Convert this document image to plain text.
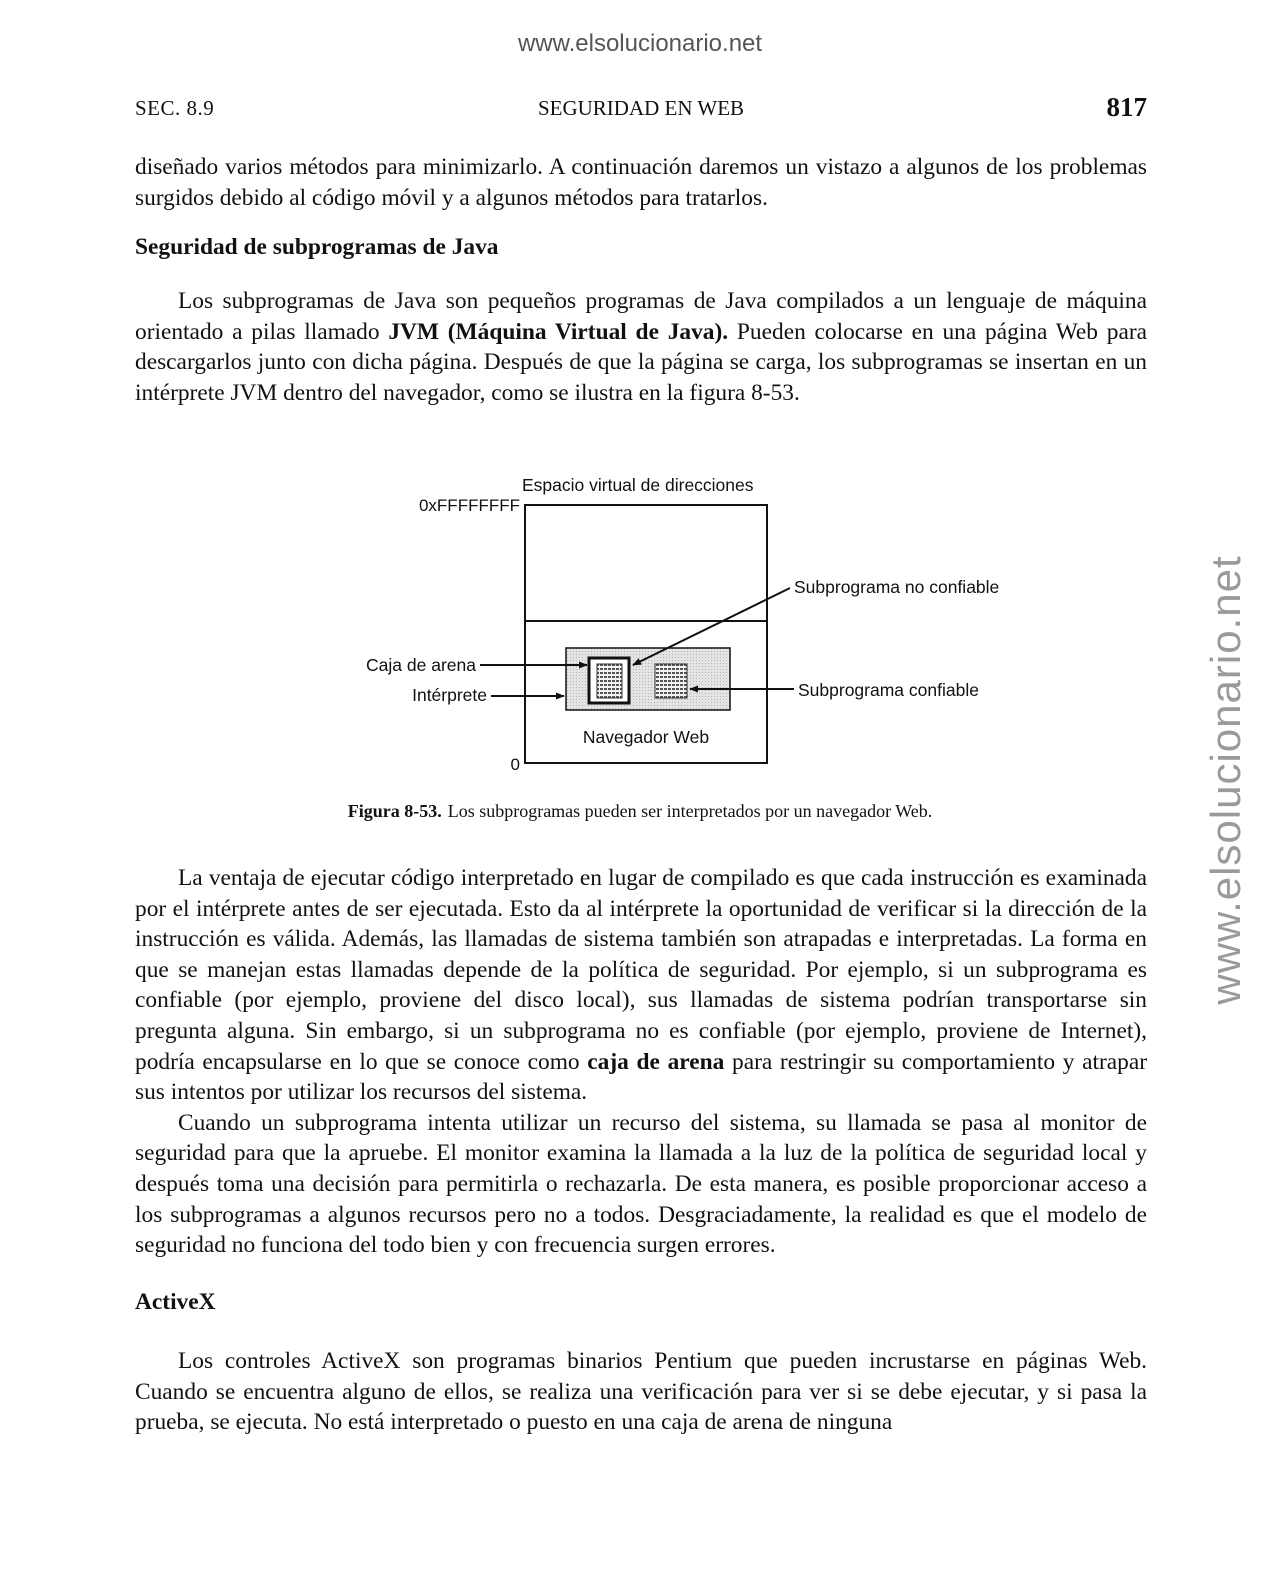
www.elsolucionario.net
www.elsolucionario.net
SEC. 8.9	SEGURIDAD EN WEB	817

diseñado varios métodos para minimizarlo. A continuación daremos un vistazo a algunos de los problemas surgidos debido al código móvil y a algunos métodos para tratarlos.

Seguridad de subprogramas de Java

Los subprogramas de Java son pequeños programas de Java compilados a un lenguaje de máquina orientado a pilas llamado JVM (Máquina Virtual de Java). Pueden colocarse en una página Web para descargarlos junto con dicha página. Después de que la página se carga, los subprogramas se insertan en un intérprete JVM dentro del navegador, como se ilustra en la figura 8-53.

Espacio virtual de direcciones
0xFFFFFFFF
0
Navegador Web
Subprograma no confiable
Caja de arena
Intérprete	Subprograma confiable
Figura 8-53. Los subprogramas pueden ser interpretados por un navegador Web.

La ventaja de ejecutar código interpretado en lugar de compilado es que cada instrucción es examinada por el intérprete antes de ser ejecutada. Esto da al intérprete la oportunidad de verificar si la dirección de la instrucción es válida. Además, las llamadas de sistema también son atrapadas e interpretadas. La forma en que se manejan estas llamadas depende de la política de seguridad. Por ejemplo, si un subprograma es confiable (por ejemplo, proviene del disco local), sus llamadas de sistema podrían transportarse sin pregunta alguna. Sin embargo, si un subprograma no es confiable (por ejemplo, proviene de Internet), podría encapsularse en lo que se conoce como caja de arena para restringir su comportamiento y atrapar sus intentos por utilizar los recursos del sistema.

Cuando un subprograma intenta utilizar un recurso del sistema, su llamada se pasa al monitor de seguridad para que la apruebe. El monitor examina la llamada a la luz de la política de seguridad local y después toma una decisión para permitirla o rechazarla. De esta manera, es posible proporcionar acceso a los subprogramas a algunos recursos pero no a todos. Desgraciadamente, la realidad es que el modelo de seguridad no funciona del todo bien y con frecuencia surgen errores.

ActiveX

Los controles ActiveX son programas binarios Pentium que pueden incrustarse en páginas Web. Cuando se encuentra alguno de ellos, se realiza una verificación para ver si se debe ejecutar, y si pasa la prueba, se ejecuta. No está interpretado o puesto en una caja de arena de ninguna
